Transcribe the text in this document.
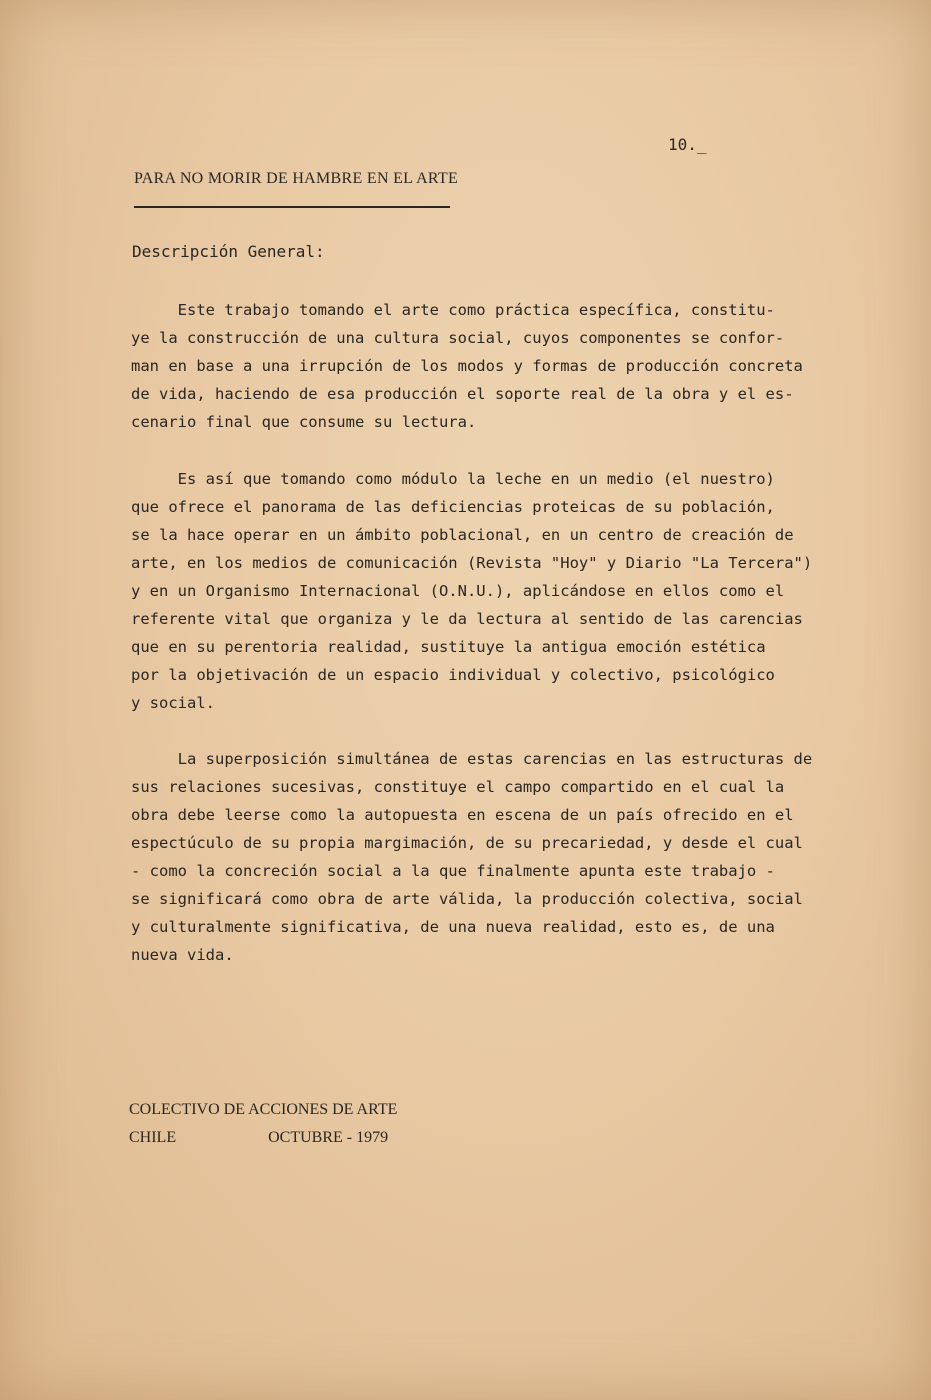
10._
PARA NO MORIR DE HAMBRE EN EL ARTE
Descripción General:
Este trabajo tomando el arte como práctica específica, constitu-
ye la construcción de una cultura social, cuyos componentes se confor-
man en base a una irrupción de los modos y formas de producción concreta
de vida, haciendo de esa producción el soporte real de la obra y el es-
cenario final que consume su lectura.
Es así que tomando como módulo la leche en un medio (el nuestro)
que ofrece el panorama de las deficiencias proteicas de su población,
se la hace operar en un ámbito poblacional, en un centro de creación de
arte, en los medios de comunicación (Revista "Hoy" y Diario "La Tercera")
y en un Organismo Internacional (O.N.U.), aplicándose en ellos como el
referente vital que organiza y le da lectura al sentido de las carencias
que en su perentoria realidad, sustituye la antigua emoción estética
por la objetivación de un espacio individual y colectivo, psicológico
y social.
La superposición simultánea de estas carencias en las estructuras de
sus relaciones sucesivas, constituye el campo compartido en el cual la
obra debe leerse como la autopuesta en escena de un país ofrecido en el
espectúculo de su propia margimación, de su precariedad, y desde el cual
- como la concreción social a la que finalmente apunta este trabajo -
se significará como obra de arte válida, la producción colectiva, social
y culturalmente significativa, de una nueva realidad, esto es, de una
nueva vida.
COLECTIVO DE ACCIONES DE ARTE
CHILE	OCTUBRE - 1979
